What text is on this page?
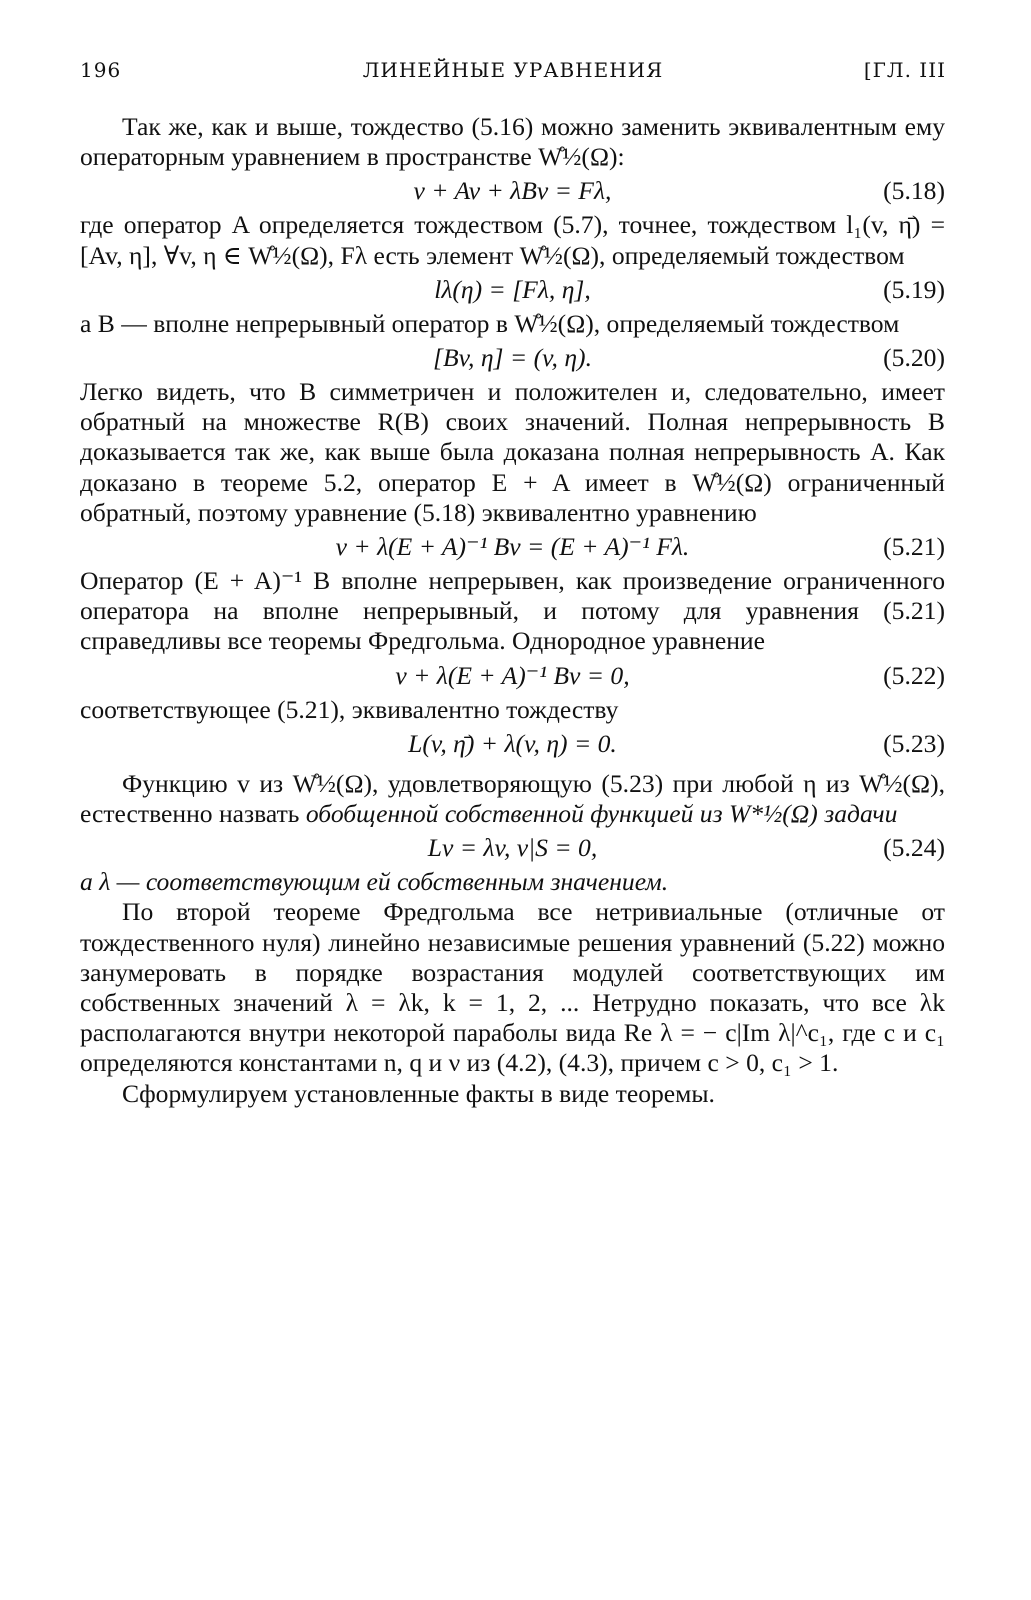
196	ЛИНЕЙНЫЕ УРАВНЕНИЯ	[ГЛ. III

Так же, как и выше, тождество (5.16) можно заменить эквивалентным ему операторным уравнением в пространстве W̊½(Ω):

v + Av + λBv = Fλ,	(5.18)

где оператор A определяется тождеством (5.7), точнее, тождеством l₁(v, η̄) = [Av, η], ∀v, η ∈ W̊½(Ω), Fλ есть элемент W̊½(Ω), определяемый тождеством

lλ(η) = [Fλ, η],	(5.19)

а B — вполне непрерывный оператор в W̊½(Ω), определяемый тождеством

[Bv, η] = (v, η).	(5.20)

Легко видеть, что B симметричен и положителен и, следовательно, имеет обратный на множестве R(B) своих значений. Полная непрерывность B доказывается так же, как выше была доказана полная непрерывность A. Как доказано в теореме 5.2, оператор E + A имеет в W̊½(Ω) ограниченный обратный, поэтому уравнение (5.18) эквивалентно уравнению

v + λ(E + A)⁻¹ Bv = (E + A)⁻¹ Fλ.	(5.21)

Оператор (E + A)⁻¹ B вполне непрерывен, как произведение ограниченного оператора на вполне непрерывный, и потому для уравнения (5.21) справедливы все теоремы Фредгольма. Однородное уравнение

v + λ(E + A)⁻¹ Bv = 0,	(5.22)

соответствующее (5.21), эквивалентно тождеству

L(v, η̄) + λ(v, η) = 0.	(5.23)

Функцию v из W̊½(Ω), удовлетворяющую (5.23) при любой η из W̊½(Ω), естественно назвать обобщенной собственной функцией из W*½(Ω) задачи

Lv = λv, v|S = 0,	(5.24)

а λ — соответствующим ей собственным значением.

По второй теореме Фредгольма все нетривиальные (отличные от тождественного нуля) линейно независимые решения уравнений (5.22) можно занумеровать в порядке возрастания модулей соответствующих им собственных значений λ = λk, k = 1, 2, ... Нетрудно показать, что все λk располагаются внутри некоторой параболы вида Re λ = − c|Im λ|^c₁, где c и c₁ определяются константами n, q и ν из (4.2), (4.3), причем c > 0, c₁ > 1.

Сформулируем установленные факты в виде теоремы.
